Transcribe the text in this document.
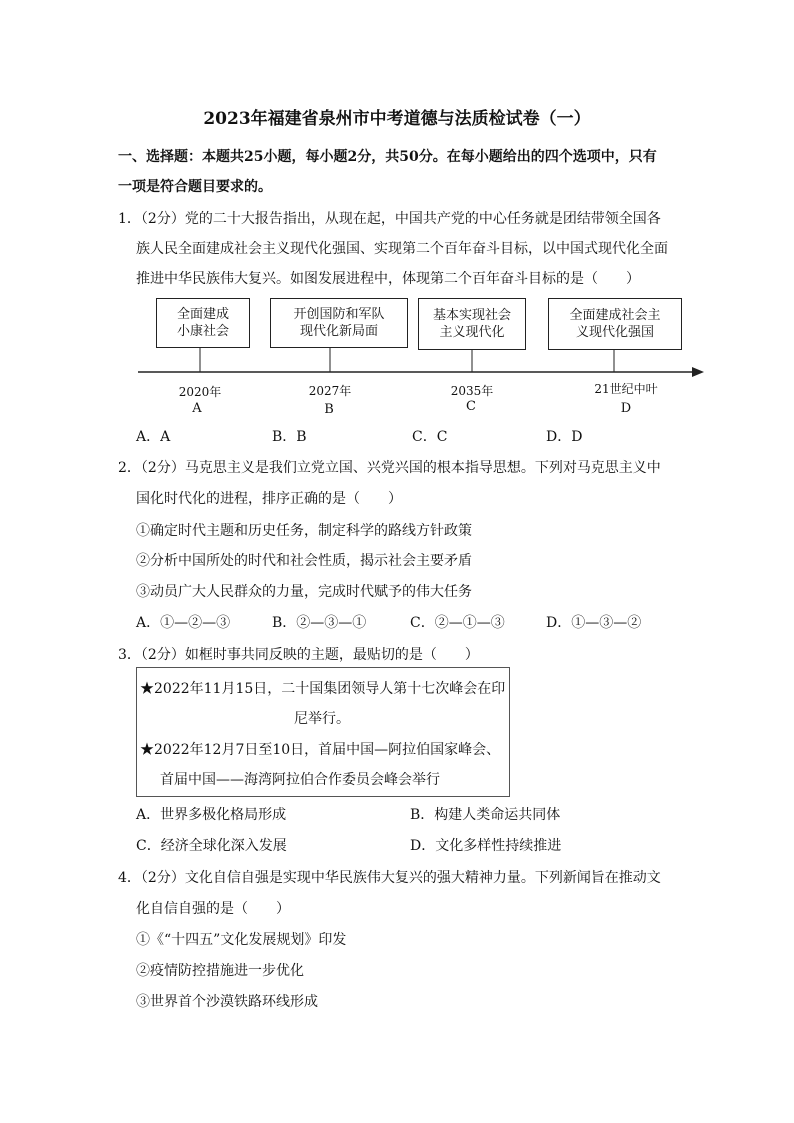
2023年福建省泉州市中考道德与法质检试卷（一）
一、选择题：本题共25小题，每小题2分，共50分。在每小题给出的四个选项中，只有
一项是符合题目要求的。
1．（2分）党的二十大报告指出，从现在起，中国共产党的中心任务就是团结带领全国各
族人民全面建成社会主义现代化强国、实现第二个百年奋斗目标，以中国式现代化全面
推进中华民族伟大复兴。如图发展进程中，体现第二个百年奋斗目标的是（　　）
全面建成
小康社会
开创国防和军队
现代化新局面
基本实现社会
主义现代化
全面建成社会主
义现代化强国
2020年	2027年	2035年	21世纪中叶
A	B	C	D
A．A	B．B	C．C	D．D
2．（2分）马克思主义是我们立党立国、兴党兴国的根本指导思想。下列对马克思主义中
国化时代化的进程，排序正确的是（　　）
①确定时代主题和历史任务，制定科学的路线方针政策
②分析中国所处的时代和社会性质，揭示社会主要矛盾
③动员广大人民群众的力量，完成时代赋予的伟大任务
A．①—②—③	B．②—③—①	C．②—①—③	D．①—③—②
3．（2分）如框时事共同反映的主题，最贴切的是（　　）
★2022年11月15日，二十国集团领导人第十七次峰会在印
尼举行。
★2022年12月7日至10日，首届中国—阿拉伯国家峰会、
首届中国——海湾阿拉伯合作委员会峰会举行
A．世界多极化格局形成	B．构建人类命运共同体
C．经济全球化深入发展	D．文化多样性持续推进
4．（2分）文化自信自强是实现中华民族伟大复兴的强大精神力量。下列新闻旨在推动文
化自信自强的是（　　）
①《“十四五”文化发展规划》印发
②疫情防控措施进一步优化
③世界首个沙漠铁路环线形成
